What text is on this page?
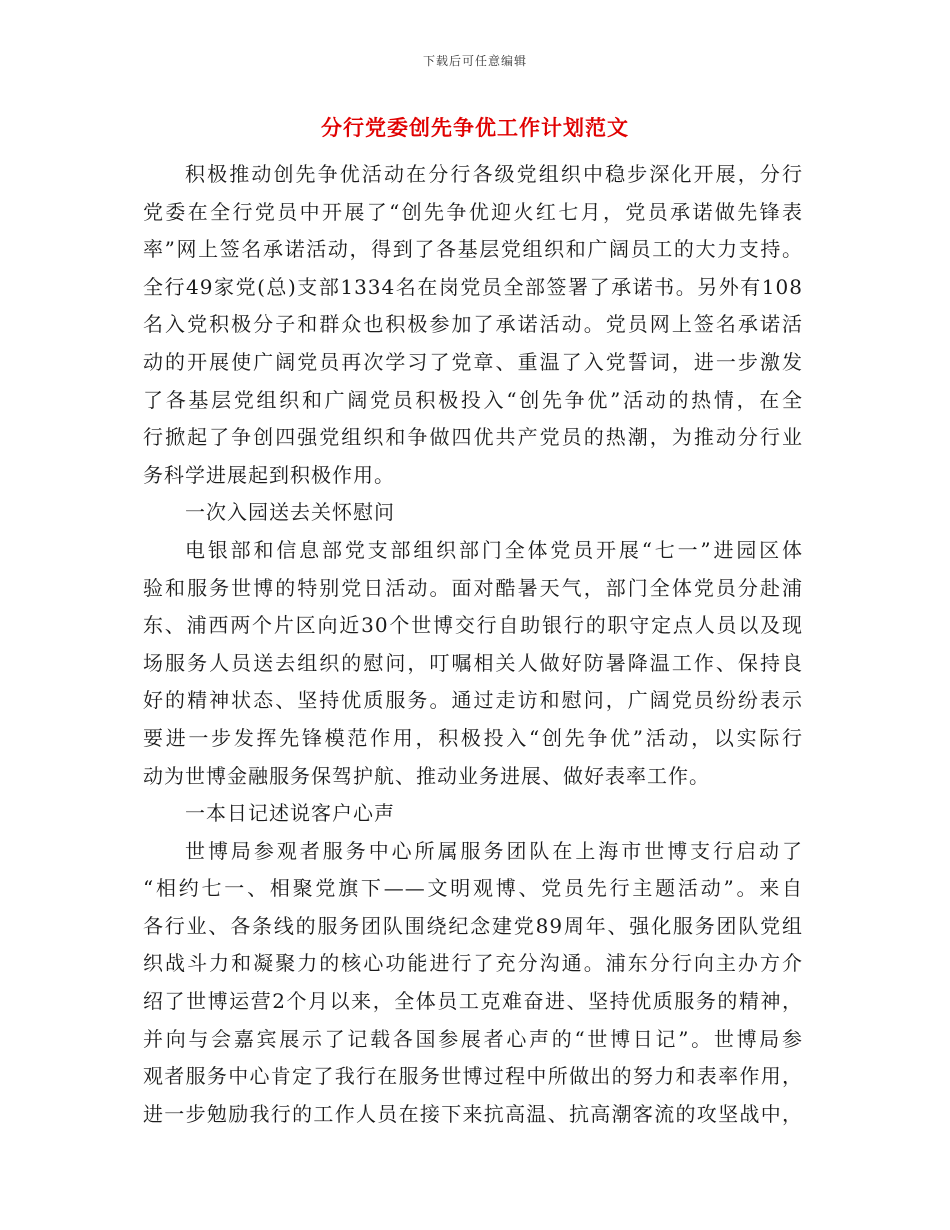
下载后可任意编辑
分行党委创先争优工作计划范文
积极推动创先争优活动在分行各级党组织中稳步深化开展，分行
党委在全行党员中开展了“创先争优迎火红七月，党员承诺做先锋表
率”网上签名承诺活动，得到了各基层党组织和广阔员工的大力支持。
全行49家党(总)支部1334名在岗党员全部签署了承诺书。另外有108
名入党积极分子和群众也积极参加了承诺活动。党员网上签名承诺活
动的开展使广阔党员再次学习了党章、重温了入党誓词，进一步激发
了各基层党组织和广阔党员积极投入“创先争优”活动的热情，在全
行掀起了争创四强党组织和争做四优共产党员的热潮，为推动分行业
务科学进展起到积极作用。
一次入园送去关怀慰问
电银部和信息部党支部组织部门全体党员开展“七一”进园区体
验和服务世博的特别党日活动。面对酷暑天气，部门全体党员分赴浦
东、浦西两个片区向近30个世博交行自助银行的职守定点人员以及现
场服务人员送去组织的慰问，叮嘱相关人做好防暑降温工作、保持良
好的精神状态、坚持优质服务。通过走访和慰问，广阔党员纷纷表示
要进一步发挥先锋模范作用，积极投入“创先争优”活动，以实际行
动为世博金融服务保驾护航、推动业务进展、做好表率工作。
一本日记述说客户心声
世博局参观者服务中心所属服务团队在上海市世博支行启动了
“相约七一、相聚党旗下——文明观博、党员先行主题活动”。来自
各行业、各条线的服务团队围绕纪念建党89周年、强化服务团队党组
织战斗力和凝聚力的核心功能进行了充分沟通。浦东分行向主办方介
绍了世博运营2个月以来，全体员工克难奋进、坚持优质服务的精神，
并向与会嘉宾展示了记载各国参展者心声的“世博日记”。世博局参
观者服务中心肯定了我行在服务世博过程中所做出的努力和表率作用，
进一步勉励我行的工作人员在接下来抗高温、抗高潮客流的攻坚战中，
